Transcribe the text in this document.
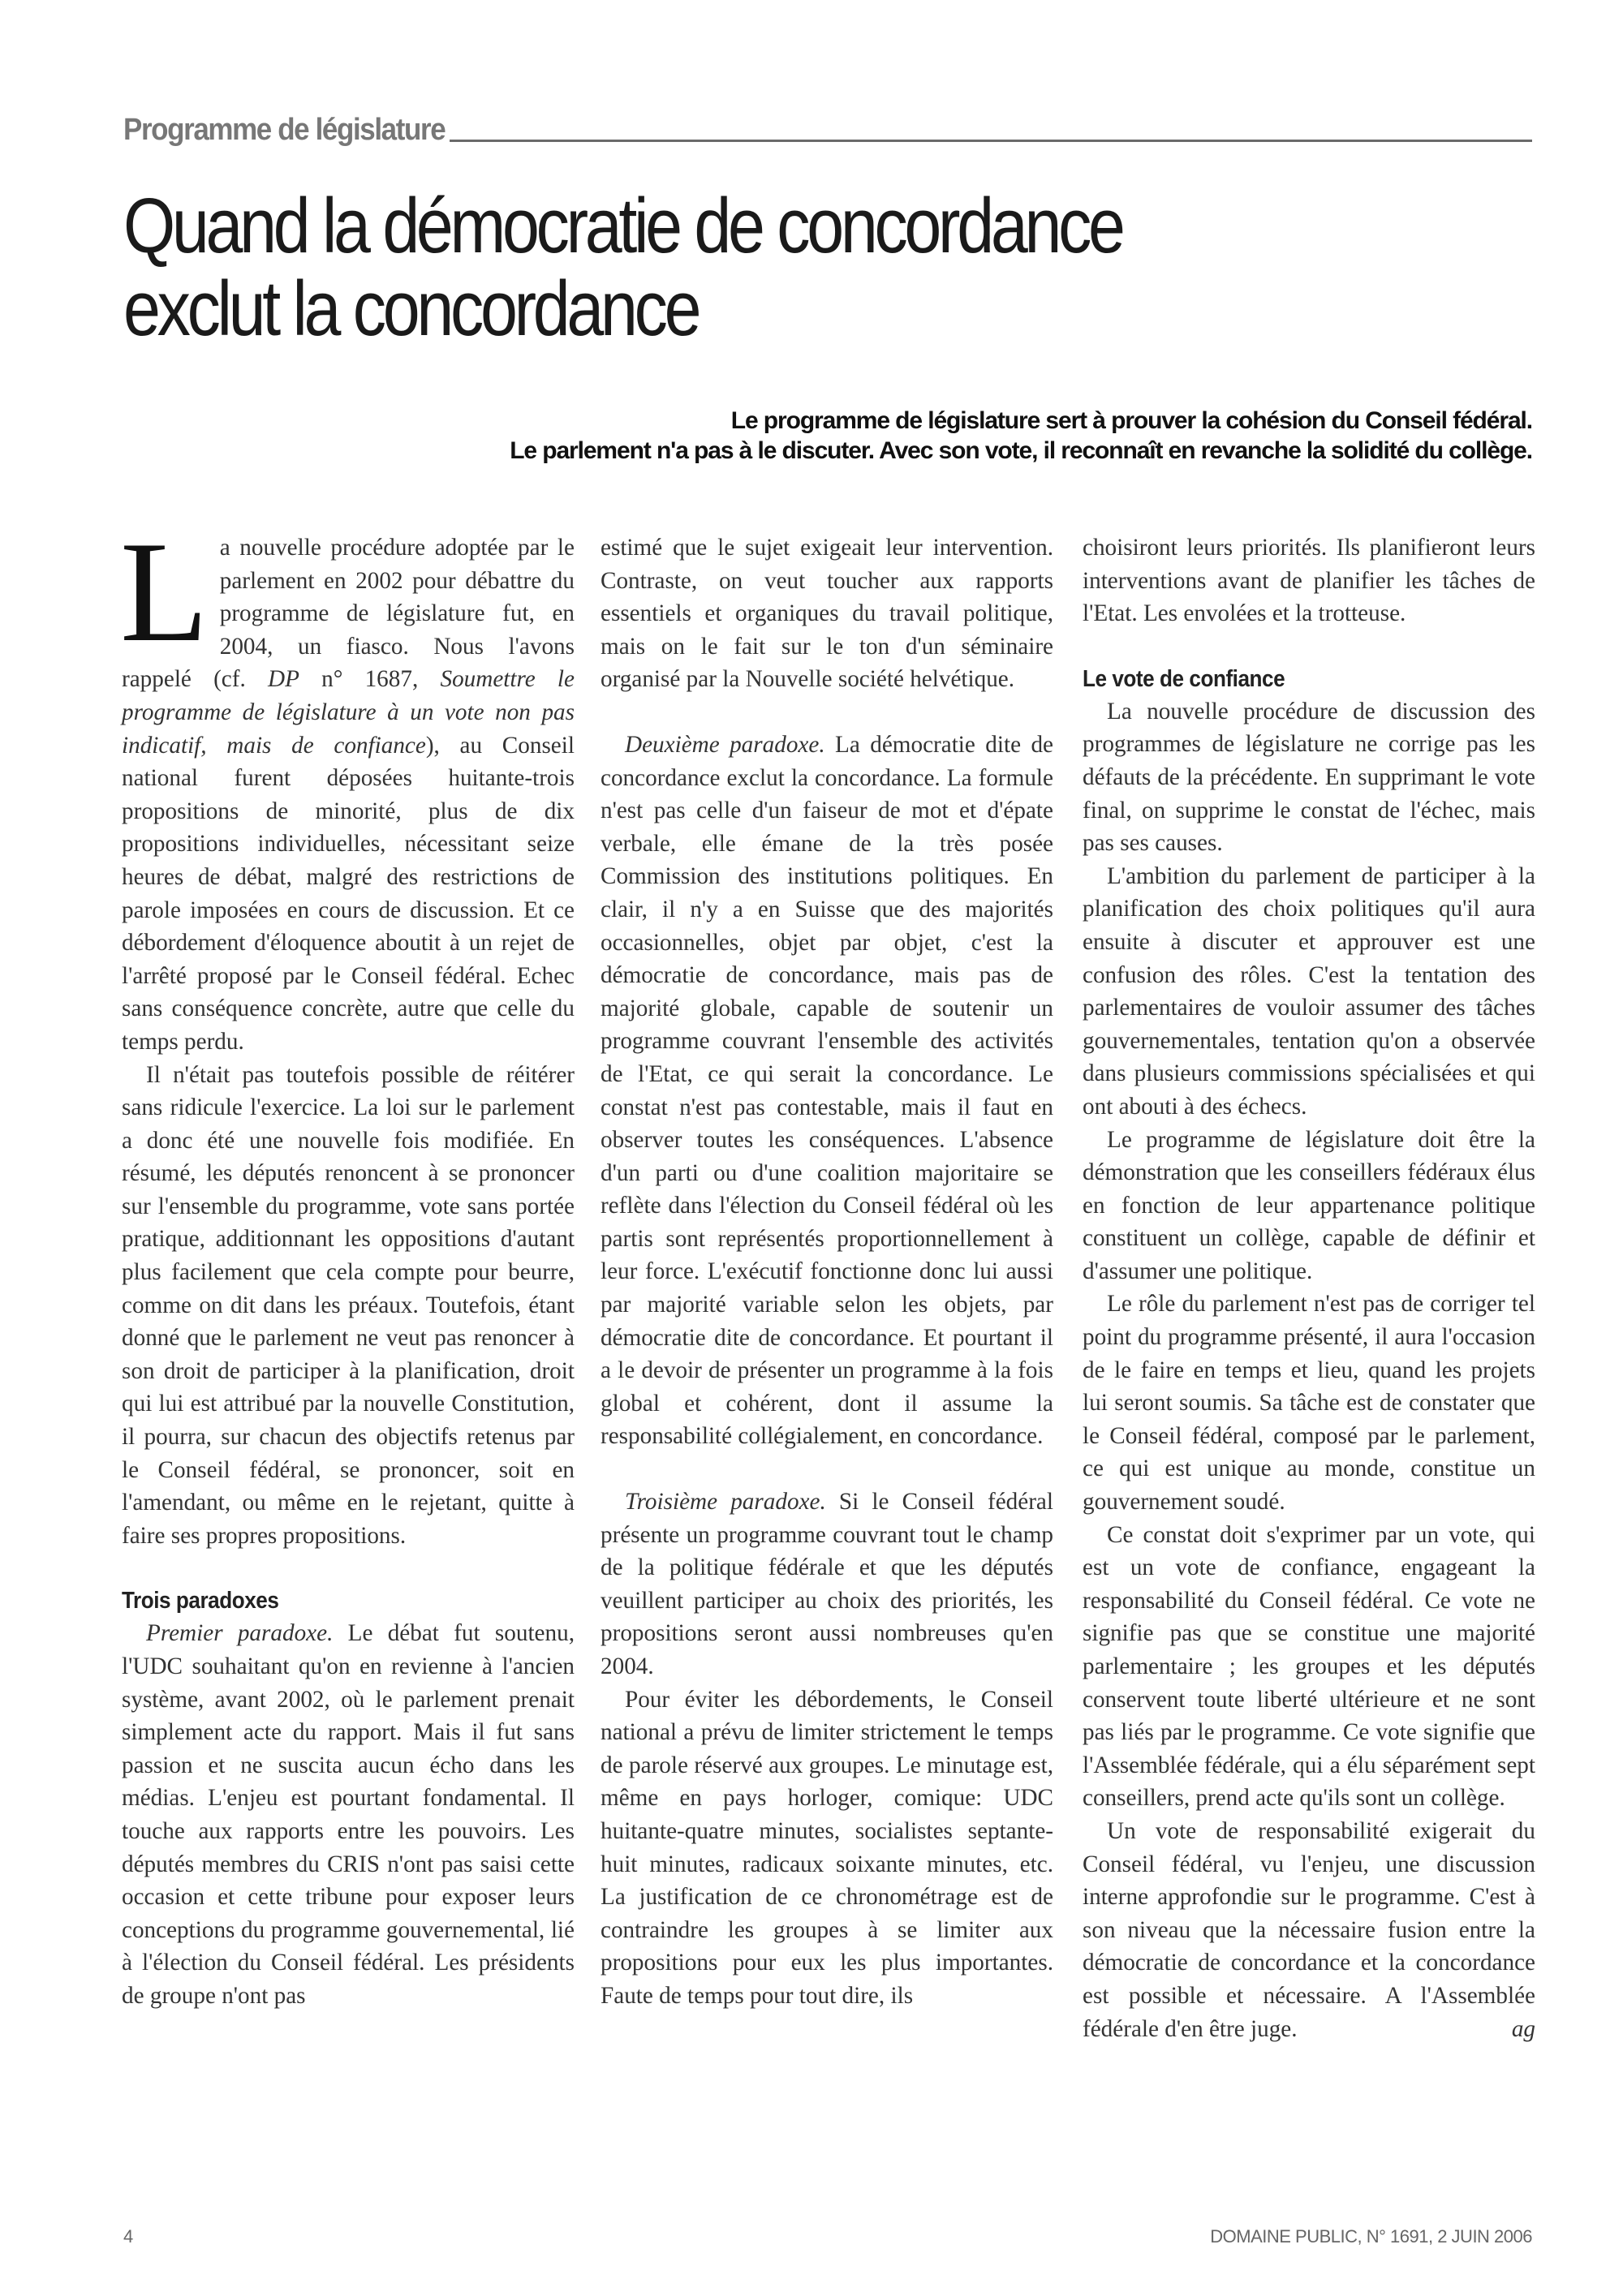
Programme de législature
Quand la démocratie de concordance
exclut la concordance
Le programme de législature sert à prouver la cohésion du Conseil fédéral.
Le parlement n'a pas à le discuter. Avec son vote, il reconnaît en revanche la solidité du collège.

La nouvelle procédure adoptée par le parlement en 2002 pour débattre du programme de législature fut, en 2004, un fiasco. Nous l'avons rappelé (cf. DP n° 1687, Soumettre le programme de législature à un vote non pas indicatif, mais de confiance), au Conseil national furent déposées huitante-trois propositions de minorité, plus de dix propositions individuelles, nécessitant seize heures de débat, malgré des restrictions de parole imposées en cours de discussion. Et ce débordement d'éloquence aboutit à un rejet de l'arrêté proposé par le Conseil fédéral. Echec sans conséquence concrète, autre que celle du temps perdu.

Il n'était pas toutefois possible de réitérer sans ridicule l'exercice. La loi sur le parlement a donc été une nouvelle fois modifiée. En résumé, les députés renoncent à se prononcer sur l'ensemble du programme, vote sans portée pratique, additionnant les oppositions d'autant plus facilement que cela compte pour beurre, comme on dit dans les préaux. Toutefois, étant donné que le parlement ne veut pas renoncer à son droit de participer à la planification, droit qui lui est attribué par la nouvelle Constitution, il pourra, sur chacun des objectifs retenus par le Conseil fédéral, se prononcer, soit en l'amendant, ou même en le rejetant, quitte à faire ses propres propositions.

Trois paradoxes

Premier paradoxe. Le débat fut soutenu, l'UDC souhaitant qu'on en revienne à l'ancien système, avant 2002, où le parlement prenait simplement acte du rapport. Mais il fut sans passion et ne suscita aucun écho dans les médias. L'enjeu est pourtant fondamental. Il touche aux rapports entre les pouvoirs. Les députés membres du CRIS n'ont pas saisi cette occasion et cette tribune pour exposer leurs conceptions du programme gouvernemental, lié à l'élection du Conseil fédéral. Les présidents de groupe n'ont pas

estimé que le sujet exigeait leur intervention. Contraste, on veut toucher aux rapports essentiels et organiques du travail politique, mais on le fait sur le ton d'un séminaire organisé par la Nouvelle société helvétique.

Deuxième paradoxe. La démocratie dite de concordance exclut la concordance. La formule n'est pas celle d'un faiseur de mot et d'épate verbale, elle émane de la très posée Commission des institutions politiques. En clair, il n'y a en Suisse que des majorités occasionnelles, objet par objet, c'est la démocratie de concordance, mais pas de majorité globale, capable de soutenir un programme couvrant l'ensemble des activités de l'Etat, ce qui serait la concordance. Le constat n'est pas contestable, mais il faut en observer toutes les conséquences. L'absence d'un parti ou d'une coalition majoritaire se reflète dans l'élection du Conseil fédéral où les partis sont représentés proportionnellement à leur force. L'exécutif fonctionne donc lui aussi par majorité variable selon les objets, par démocratie dite de concordance. Et pourtant il a le devoir de présenter un programme à la fois global et cohérent, dont il assume la responsabilité collégialement, en concordance.

Troisième paradoxe. Si le Conseil fédéral présente un programme couvrant tout le champ de la politique fédérale et que les députés veuillent participer au choix des priorités, les propositions seront aussi nombreuses qu'en 2004.

Pour éviter les débordements, le Conseil national a prévu de limiter strictement le temps de parole réservé aux groupes. Le minutage est, même en pays horloger, comique: UDC huitante-quatre minutes, socialistes septante-huit minutes, radicaux soixante minutes, etc. La justification de ce chronométrage est de contraindre les groupes à se limiter aux propositions pour eux les plus importantes. Faute de temps pour tout dire, ils

choisiront leurs priorités. Ils planifieront leurs interventions avant de planifier les tâches de l'Etat. Les envolées et la trotteuse.

Le vote de confiance

La nouvelle procédure de discussion des programmes de législature ne corrige pas les défauts de la précédente. En supprimant le vote final, on supprime le constat de l'échec, mais pas ses causes.

L'ambition du parlement de participer à la planification des choix politiques qu'il aura ensuite à discuter et approuver est une confusion des rôles. C'est la tentation des parlementaires de vouloir assumer des tâches gouvernementales, tentation qu'on a observée dans plusieurs commissions spécialisées et qui ont abouti à des échecs.

Le programme de législature doit être la démonstration que les conseillers fédéraux élus en fonction de leur appartenance politique constituent un collège, capable de définir et d'assumer une politique.

Le rôle du parlement n'est pas de corriger tel point du programme présenté, il aura l'occasion de le faire en temps et lieu, quand les projets lui seront soumis. Sa tâche est de constater que le Conseil fédéral, composé par le parlement, ce qui est unique au monde, constitue un gouvernement soudé.

Ce constat doit s'exprimer par un vote, qui est un vote de confiance, engageant la responsabilité du Conseil fédéral. Ce vote ne signifie pas que se constitue une majorité parlementaire ; les groupes et les députés conservent toute liberté ultérieure et ne sont pas liés par le programme. Ce vote signifie que l'Assemblée fédérale, qui a élu séparément sept conseillers, prend acte qu'ils sont un collège.

Un vote de responsabilité exigerait du Conseil fédéral, vu l'enjeu, une discussion interne approfondie sur le programme. C'est à son niveau que la nécessaire fusion entre la démocratie de concordance et la concordance est possible et nécessaire. A l'Assemblée fédérale d'en être juge.	ag

4	DOMAINE PUBLIC, N° 1691, 2 JUIN 2006
